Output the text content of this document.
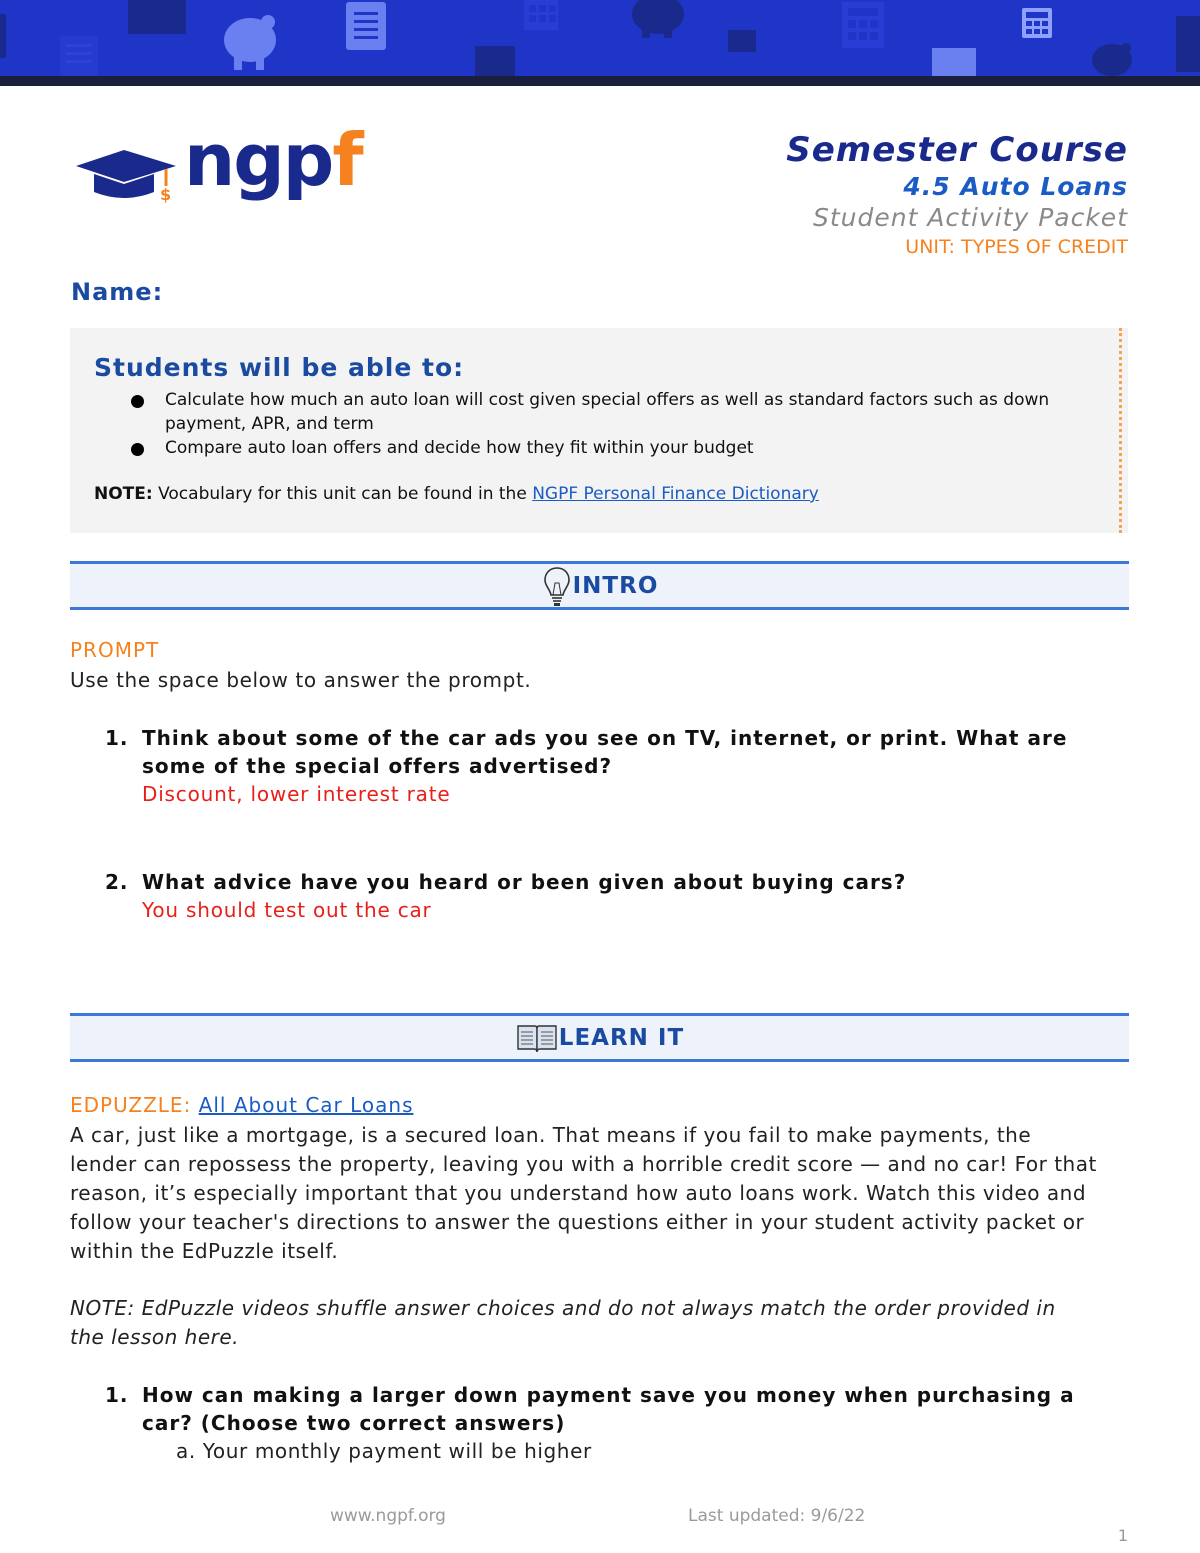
$ ngpf	Semester Course
4.5 Auto Loans
Student Activity Packet
UNIT: TYPES OF CREDIT
Name:
Students will be able to:
Calculate how much an auto loan will cost given special offers as well as standard factors such as down payment, APR, and term
Compare auto loan offers and decide how they fit within your budget
NOTE: Vocabulary for this unit can be found in the NGPF Personal Finance Dictionary
INTRO
PROMPT
Use the space below to answer the prompt.
1. Think about some of the car ads you see on TV, internet, or print. What are
some of the special offers advertised?
Discount, lower interest rate
2. What advice have you heard or been given about buying cars?
You should test out the car
LEARN IT
EDPUZZLE: All About Car Loans
A car, just like a mortgage, is a secured loan. That means if you fail to make payments, the
lender can repossess the property, leaving you with a horrible credit score — and no car! For that
reason, it’s especially important that you understand how auto loans work. Watch this video and
follow your teacher's directions to answer the questions either in your student activity packet or
within the EdPuzzle itself.
NOTE: EdPuzzle videos shuffle answer choices and do not always match the order provided in
the lesson here.
1. How can making a larger down payment save you money when purchasing a
car? (Choose two correct answers)
a. Your monthly payment will be higher
www.ngpf.org	Last updated: 9/6/22
1
